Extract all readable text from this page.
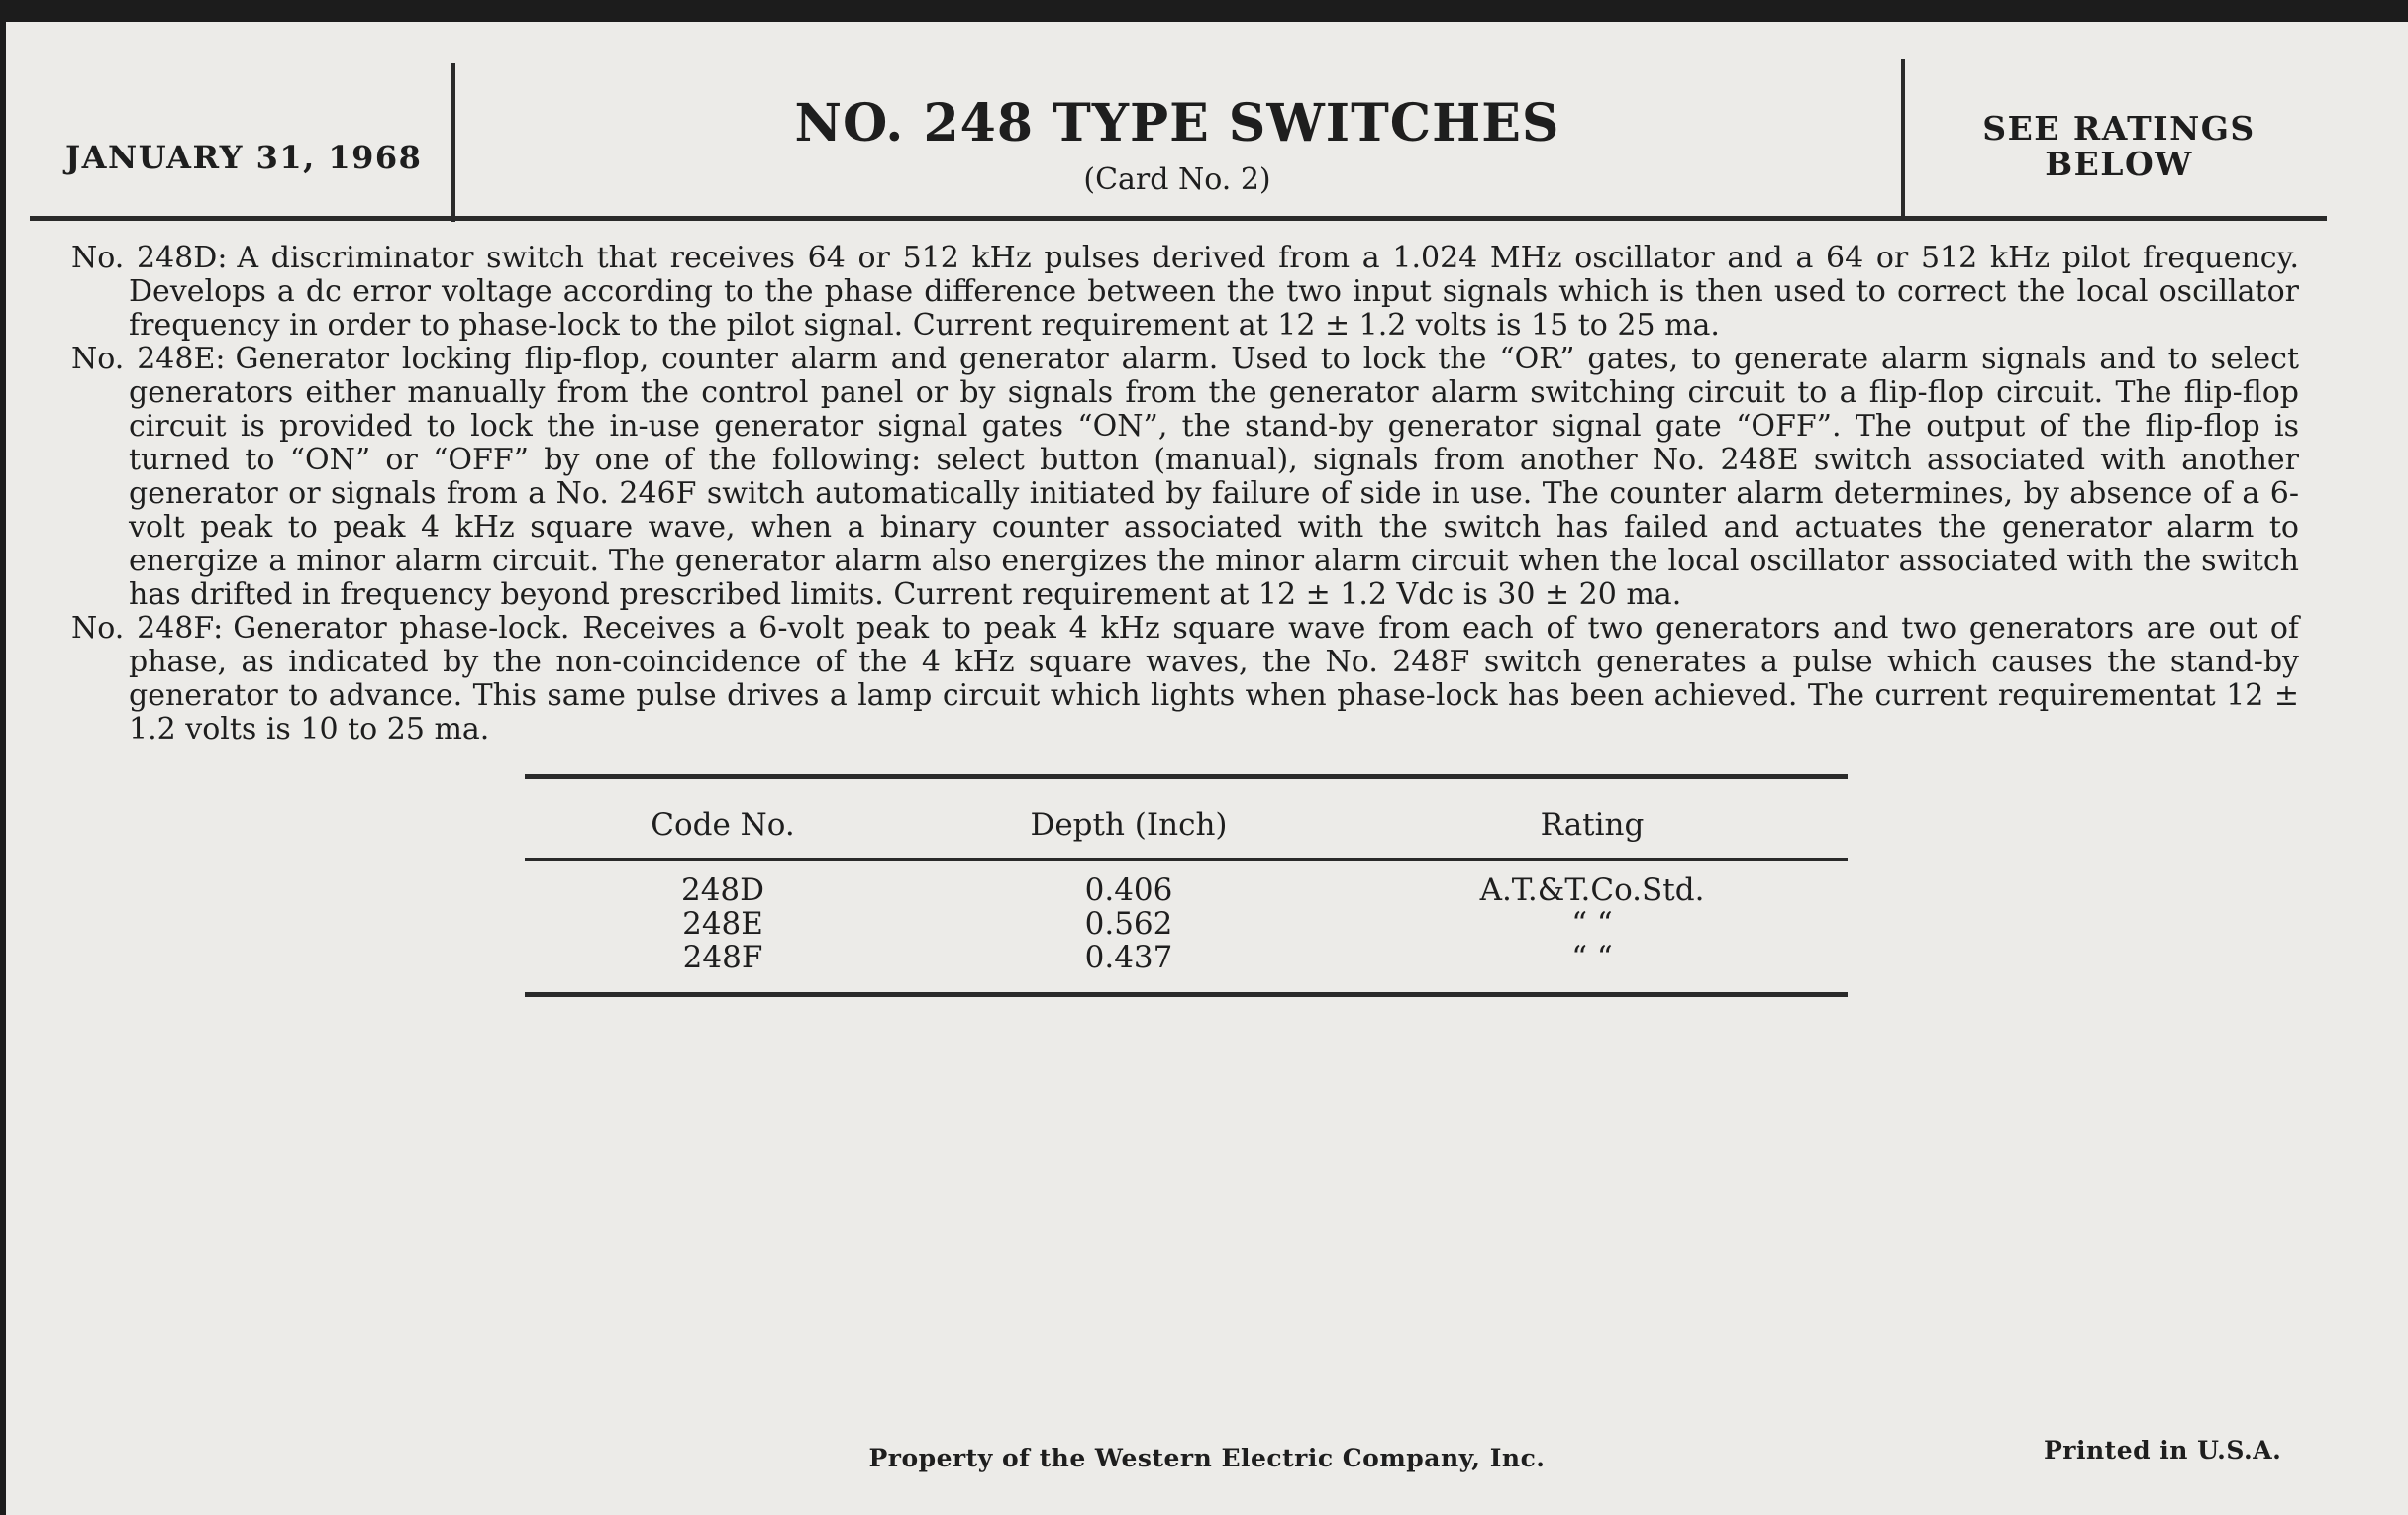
JANUARY 31, 1968
NO. 248 TYPE SWITCHES
(Card No. 2)
SEE RATINGS
BELOW

No. 248D: A discriminator switch that receives 64 or 512 kHz pulses derived from a 1.024 MHz oscillator and a 64 or 512 kHz pilot frequency. Develops a dc error voltage according to the phase difference between the two input signals which is then used to correct the local oscillator frequency in order to phase-lock to the pilot signal. Current requirement at 12 ± 1.2 volts is 15 to 25 ma.

No. 248E: Generator locking flip-flop, counter alarm and generator alarm. Used to lock the “OR” gates, to generate alarm signals and to select generators either manually from the control panel or by signals from the generator alarm switching circuit to a flip-flop circuit. The flip-flop circuit is provided to lock the in-use generator signal gates “ON”, the stand-by generator signal gate “OFF”. The output of the flip-flop is turned to “ON” or “OFF” by one of the following: select button (manual), signals from another No. 248E switch associated with another generator or signals from a No. 246F switch automatically initiated by failure of side in use. The counter alarm determines, by absence of a 6-volt peak to peak 4 kHz square wave, when a binary counter associated with the switch has failed and actuates the generator alarm to energize a minor alarm circuit. The generator alarm also energizes the minor alarm circuit when the local oscillator associated with the switch has drifted in frequency beyond prescribed limits. Current requirement at 12 ± 1.2 Vdc is 30 ± 20 ma.

No. 248F: Generator phase-lock. Receives a 6-volt peak to peak 4 kHz square wave from each of two generators and two generators are out of phase, as indicated by the non-coincidence of the 4 kHz square waves, the No. 248F switch generates a pulse which causes the stand-by generator to advance. This same pulse drives a lamp circuit which lights when phase-lock has been achieved. The current requirementat 12 ± 1.2 volts is 10 to 25 ma.

Code No.	Depth (Inch)	Rating
248D	0.406	A.T.&T.Co.Std.
248E	0.562	“ “
248F	0.437	“ “
Property of the Western Electric Company, Inc.	Printed in U.S.A.
